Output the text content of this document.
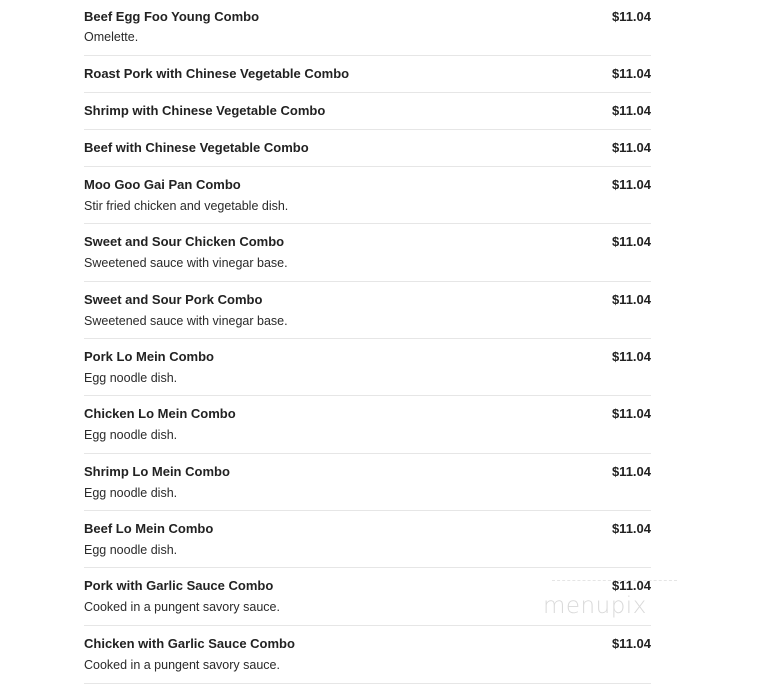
Beef Egg Foo Young Combo	$11.04
Omelette.
Roast Pork with Chinese Vegetable Combo	$11.04
Shrimp with Chinese Vegetable Combo	$11.04
Beef with Chinese Vegetable Combo	$11.04
Moo Goo Gai Pan Combo	$11.04
Stir fried chicken and vegetable dish.
Sweet and Sour Chicken Combo	$11.04
Sweetened sauce with vinegar base.
Sweet and Sour Pork Combo	$11.04
Sweetened sauce with vinegar base.
Pork Lo Mein Combo	$11.04
Egg noodle dish.
Chicken Lo Mein Combo	$11.04
Egg noodle dish.
Shrimp Lo Mein Combo	$11.04
Egg noodle dish.
Beef Lo Mein Combo	$11.04
Egg noodle dish.
Pork with Garlic Sauce Combo	$11.04
Cooked in a pungent savory sauce.
Chicken with Garlic Sauce Combo	$11.04
Cooked in a pungent savory sauce.
menupix
